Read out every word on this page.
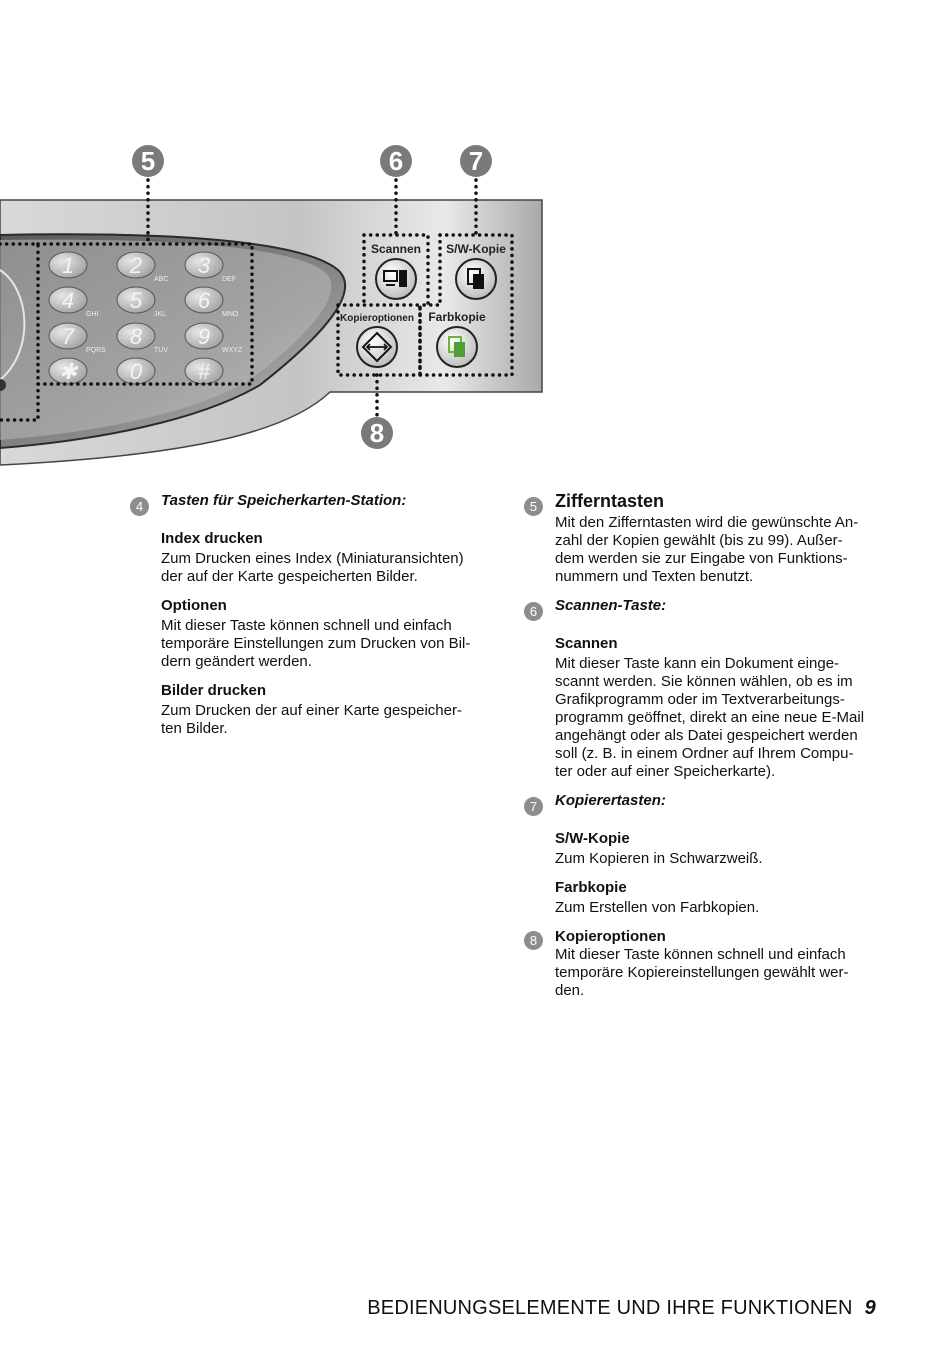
1	2
ABC
3
DEF
4
GHI
5
JKL
6
MNO
7
PQRS
8
TUV
9
WXYZ
✱ 0	#
5	6	7
8
Scannen S/W-Kopie
Kopieroptionen Farbkopie
4	Tasten für Speicherkarten-Station:
Index drucken
Zum Drucken eines Index (Miniaturansichten)
der auf der Karte gespeicherten Bilder.
Optionen
Mit dieser Taste können schnell und einfach
temporäre Einstellungen zum Drucken von Bil-
dern geändert werden.
Bilder drucken
Zum Drucken der auf einer Karte gespeicher-
ten Bilder.
5 Zifferntasten
Mit den Zifferntasten wird die gewünschte An-
zahl der Kopien gewählt (bis zu 99). Außer-
dem werden sie zur Eingabe von Funktions-
nummern und Texten benutzt.
6	Scannen-Taste:
Scannen
Mit dieser Taste kann ein Dokument einge-
scannt werden. Sie können wählen, ob es im
Grafikprogramm oder im Textverarbeitungs-
programm geöffnet, direkt an eine neue E-Mail
angehängt oder als Datei gespeichert werden
soll (z. B. in einem Ordner auf Ihrem Compu-
ter oder auf einer Speicherkarte).
7	Kopierertasten:
S/W-Kopie
Zum Kopieren in Schwarzweiß.
Farbkopie
Zum Erstellen von Farbkopien.
8	Kopieroptionen
Mit dieser Taste können schnell und einfach
temporäre Kopiereinstellungen gewählt wer-
den.
BEDIENUNGSELEMENTE UND IHRE FUNKTIONEN 9
